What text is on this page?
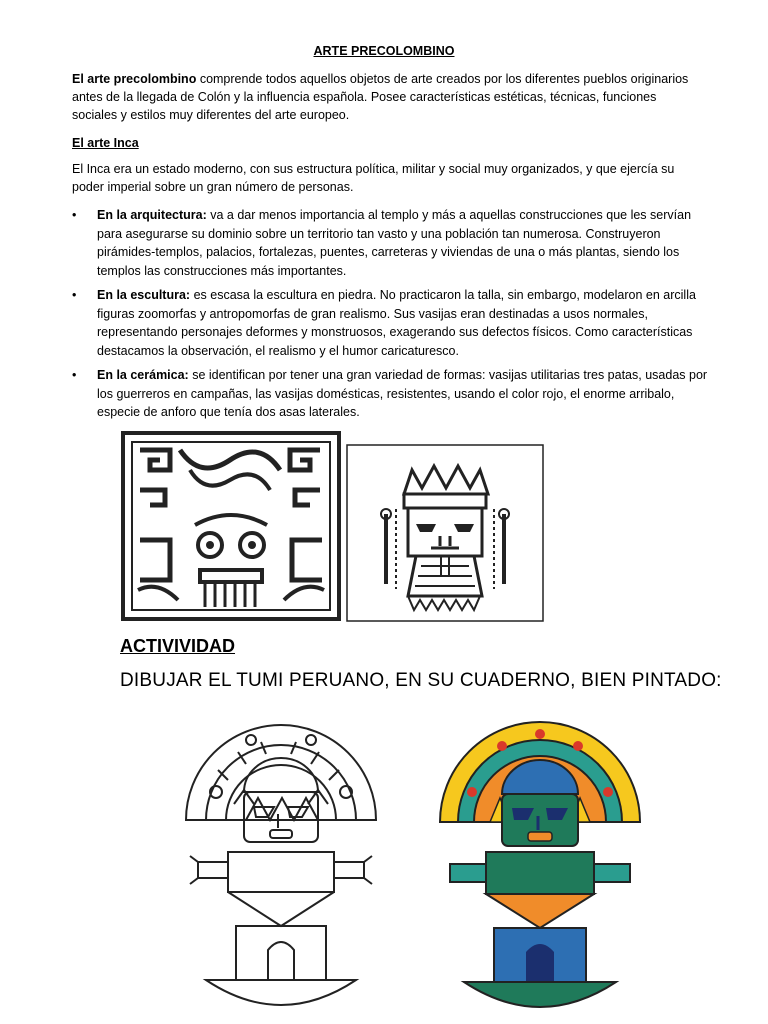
ARTE PRECOLOMBINO

El arte precolombino comprende todos aquellos objetos de arte creados por los diferentes pueblos originarios antes de la llegada de Colón y la influencia española. Posee características estéticas, técnicas, funciones sociales y estilos muy diferentes del arte europeo.

El arte Inca

El Inca era un estado moderno, con sus estructura política, militar y social muy organizados, y que ejercía su poder imperial sobre un gran número de personas.

•	En la arquitectura: va a dar menos importancia al templo y más a aquellas construcciones que les servían para asegurarse su dominio sobre un territorio tan vasto y una población tan numerosa. Construyeron pirámides-templos, palacios, fortalezas, puentes, carreteras y viviendas de una o más plantas, siendo los templos las construcciones más importantes.
•	En la escultura: es escasa la escultura en piedra. No practicaron la talla, sin embargo, modelaron en arcilla figuras zoomorfas y antropomorfas de gran realismo. Sus vasijas eran destinadas a usos normales, representando personajes deformes y monstruosos, exagerando sus defectos físicos. Como características destacamos la observación, el realismo y el humor caricaturesco.
•	En la cerámica: se identifican por tener una gran variedad de formas: vasijas utilitarias tres patas, usadas por los guerreros en campañas, las vasijas domésticas, resistentes, usando el color rojo, el enorme arribalo, especie de anforo que tenía dos asas laterales.
ACTIVIVIDAD
DIBUJAR EL TUMI PERUANO, EN SU CUADERNO, BIEN PINTADO:
